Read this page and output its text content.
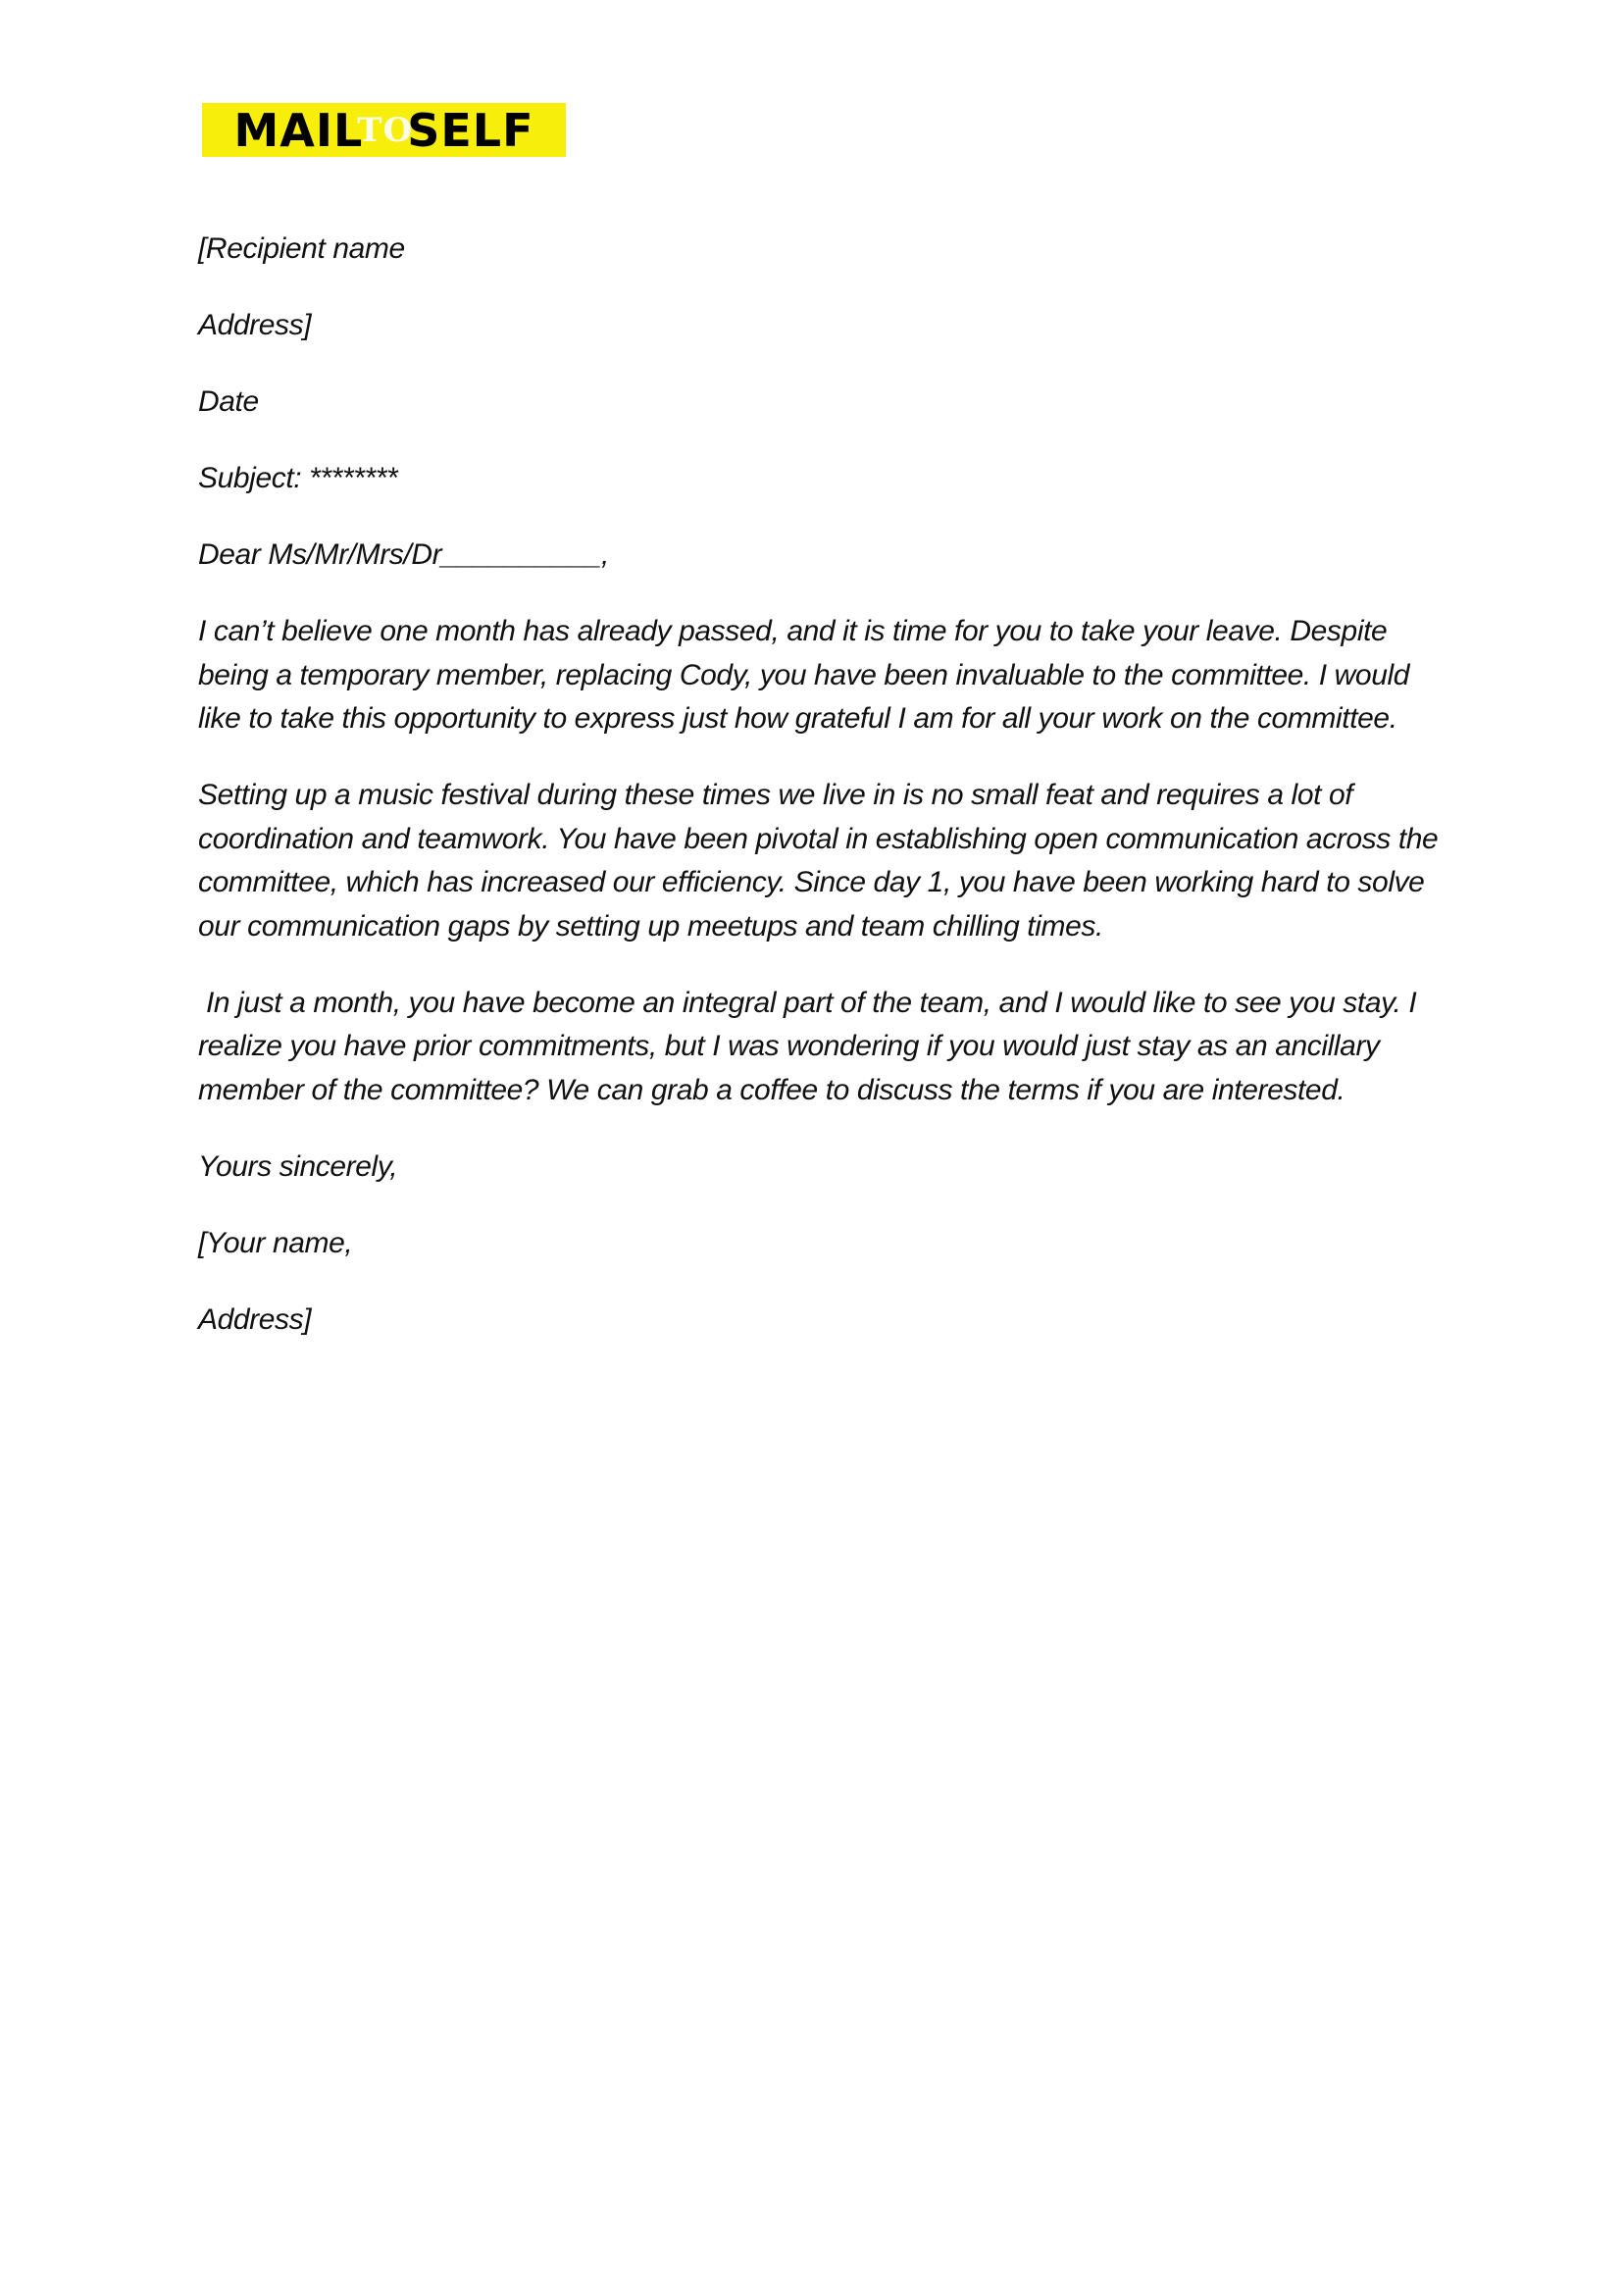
MAIL
TO
SELF

[Recipient name

Address]

Date

Subject: ********

Dear Ms/Mr/Mrs/Dr__________,

I can’t believe one month has already passed, and it is time for you to take your leave. Despite being a temporary member, replacing Cody, you have been invaluable to the committee. I would like to take this opportunity to express just how grateful I am for all your work on the committee.

Setting up a music festival during these times we live in is no small feat and requires a lot of coordination and teamwork. You have been pivotal in establishing open communication across the committee, which has increased our efficiency. Since day 1, you have been working hard to solve our communication gaps by setting up meetups and team chilling times.

In just a month, you have become an integral part of the team, and I would like to see you stay. I realize you have prior commitments, but I was wondering if you would just stay as an ancillary member of the committee? We can grab a coffee to discuss the terms if you are interested.

Yours sincerely,

[Your name,

Address]
